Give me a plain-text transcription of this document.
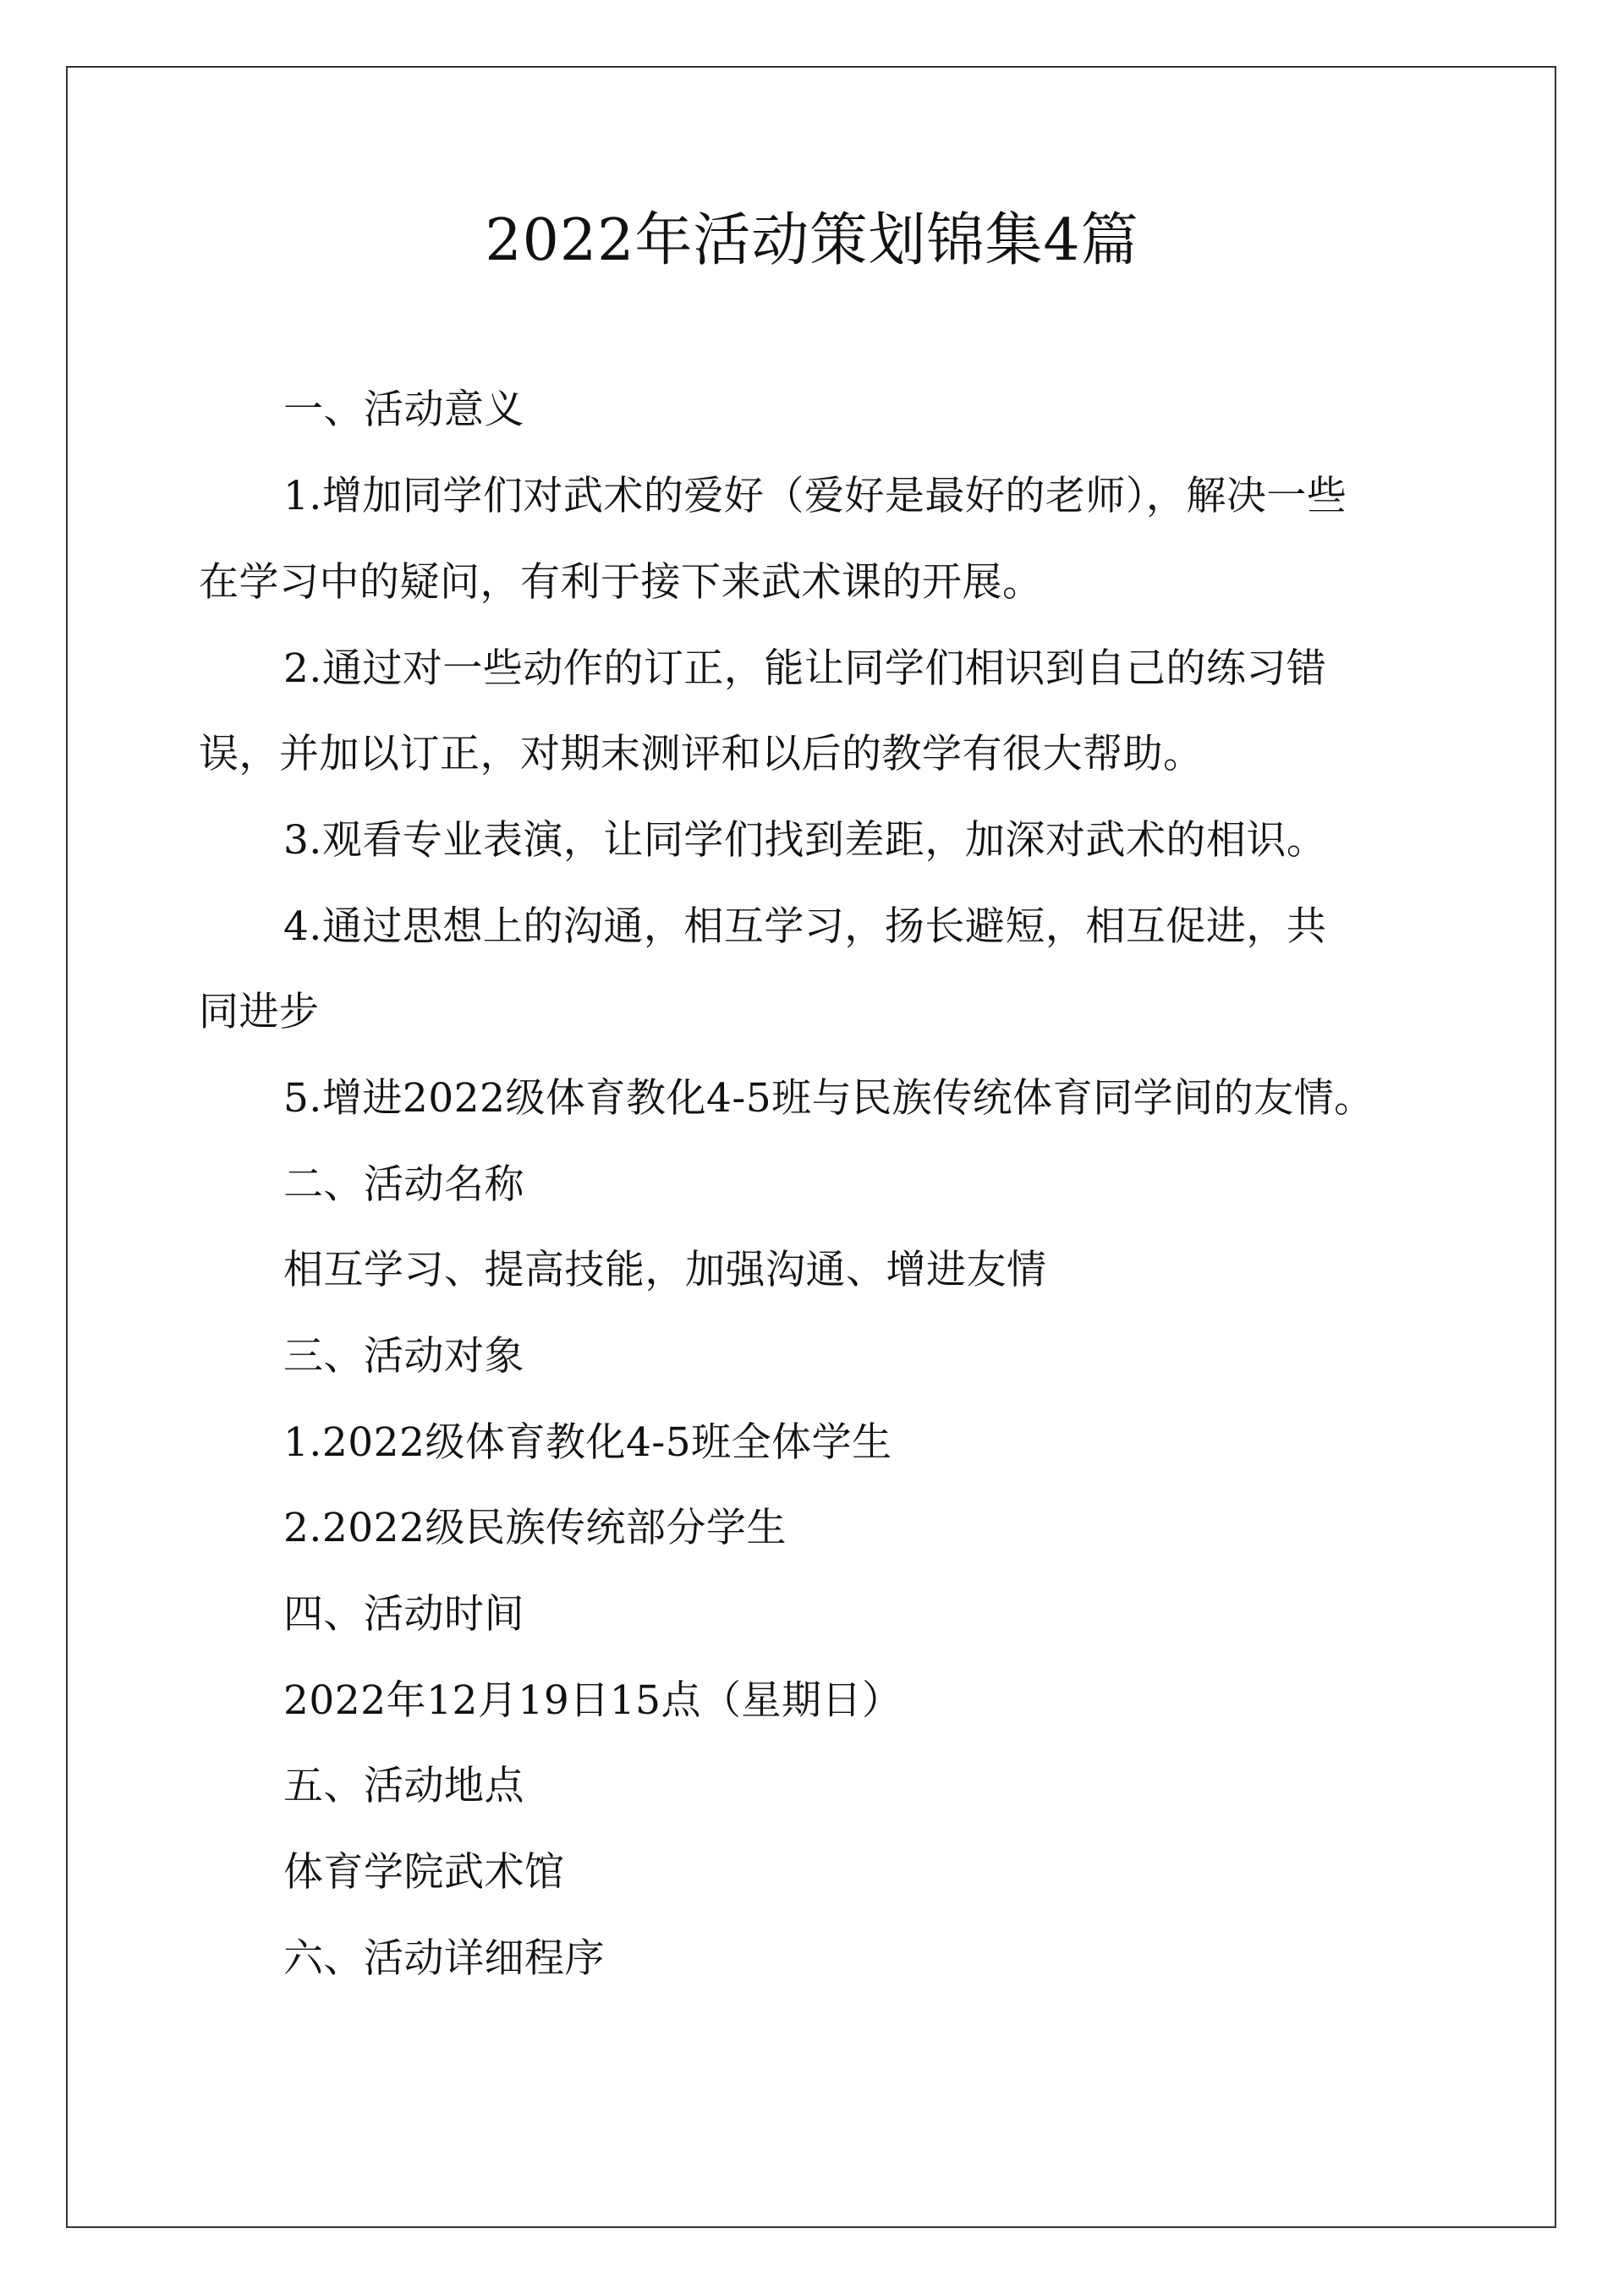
2022年活动策划锦集4篇
一、活动意义
1.增加同学们对武术的爱好（爱好是最好的老师），解决一些
在学习中的疑问，有利于接下来武术课的开展。
2.通过对一些动作的订正，能让同学们相识到自己的练习错
误，并加以订正，对期末测评和以后的教学有很大帮助。
3.观看专业表演，让同学们找到差距，加深对武术的相识。
4.通过思想上的沟通，相互学习，扬长避短，相互促进，共
同进步
5.增进2022级体育教化4-5班与民族传统体育同学间的友情。
二、活动名称
相互学习、提高技能，加强沟通、增进友情
三、活动对象
1.2022级体育教化4-5班全体学生
2.2022级民族传统部分学生
四、活动时间
2022年12月19日15点（星期日）
五、活动地点
体育学院武术馆
六、活动详细程序
